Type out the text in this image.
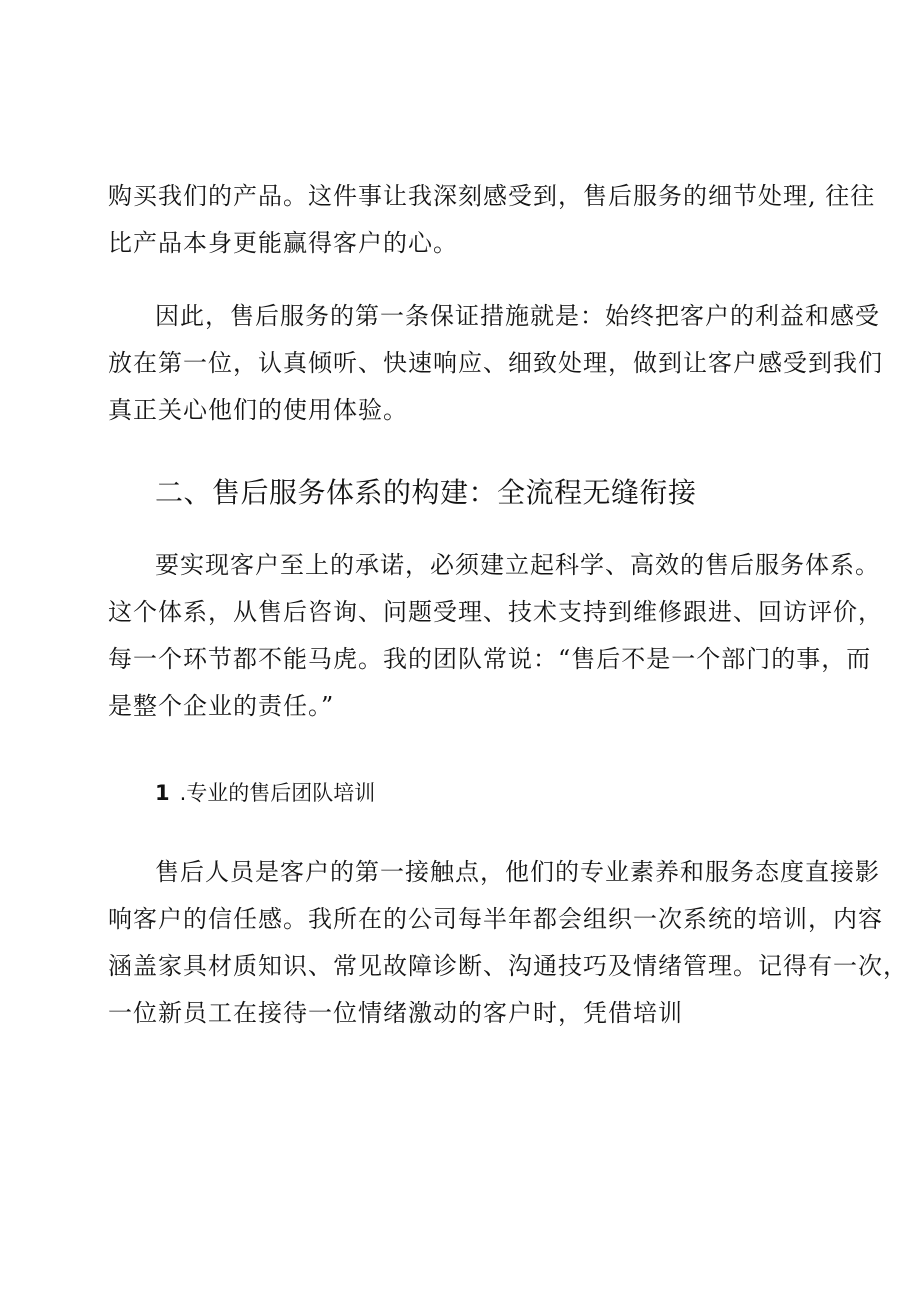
购买我们的产品。这件事让我深刻感受到，售后服务的细节处理, 往往
比产品本身更能赢得客户的心。
因此，售后服务的第一条保证措施就是：始终把客户的利益和感受
放在第一位，认真倾听、快速响应、细致处理，做到让客户感受到我们
真正关心他们的使用体验。
二、售后服务体系的构建：全流程无缝衔接
要实现客户至上的承诺，必须建立起科学、高效的售后服务体系。
这个体系，从售后咨询、问题受理、技术支持到维修跟进、回访评价，
每一个环节都不能马虎。我的团队常说：“售后不是一个部门的事，而
是整个企业的责任。”
1 .专业的售后团队培训
售后人员是客户的第一接触点，他们的专业素养和服务态度直接影
响客户的信任感。我所在的公司每半年都会组织一次系统的培训，内容
涵盖家具材质知识、常见故障诊断、沟通技巧及情绪管理。记得有一次，
一位新员工在接待一位情绪激动的客户时，凭借培训
